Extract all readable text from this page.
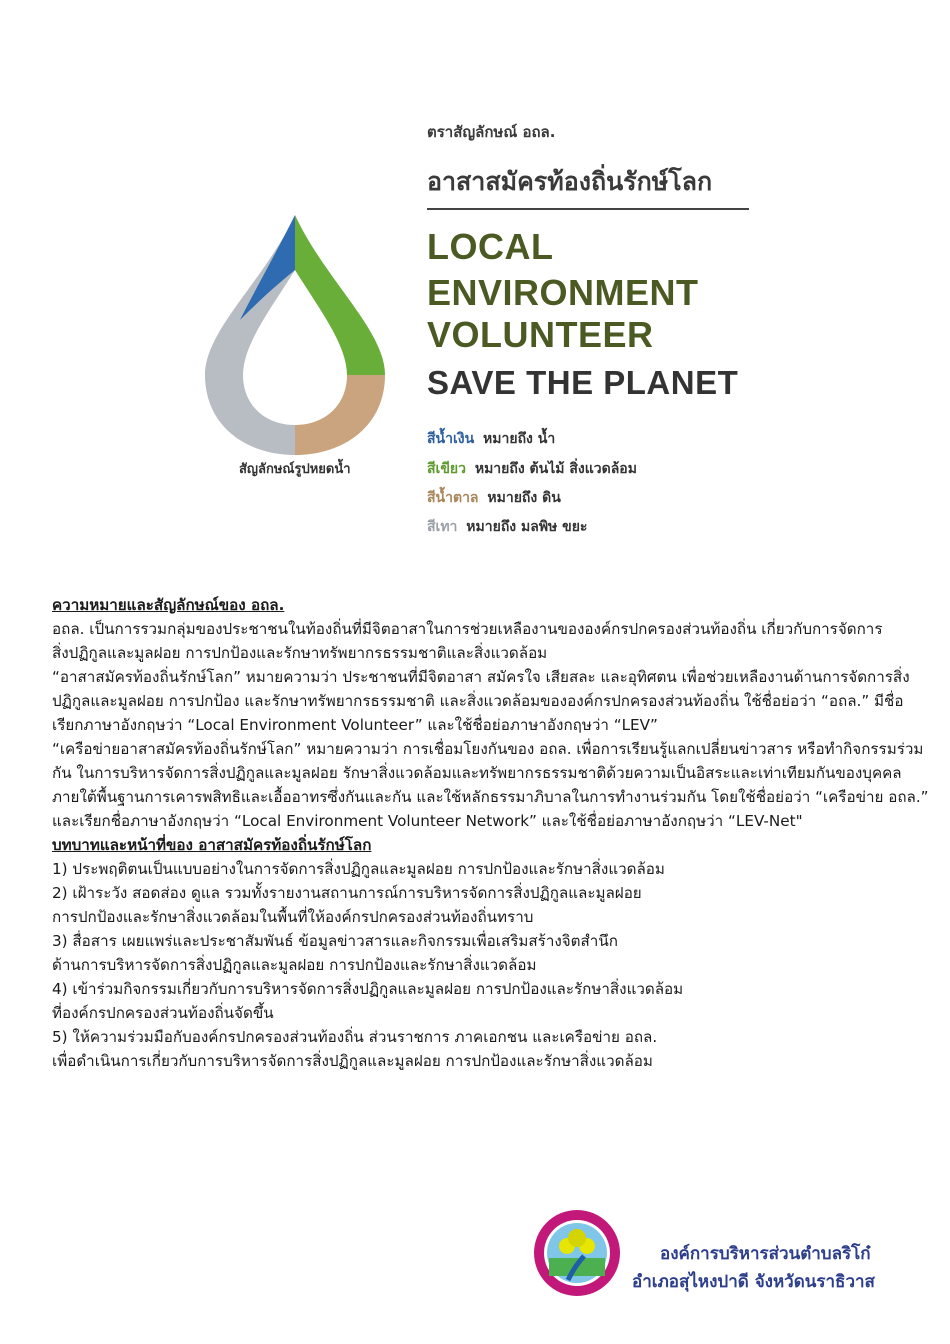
ตราสัญลักษณ์ อถล.
อาสาสมัครท้องถิ่นรักษ์โลก
LOCAL
ENVIRONMENT
VOLUNTEER
SAVE THE PLANET
สัญลักษณ์รูปหยดน้ำ
สีน้ำเงิน หมายถึง น้ำ
สีเขียว หมายถึง ต้นไม้ สิ่งแวดล้อม
สีน้ำตาล หมายถึง ดิน
สีเทา หมายถึง มลพิษ ขยะ
ความหมายและสัญลักษณ์ของ อถล.
อถล. เป็นการรวมกลุ่มของประชาชนในท้องถิ่นที่มีจิตอาสาในการช่วยเหลืองานขององค์กรปกครองส่วนท้องถิ่น เกี่ยวกับการจัดการ
สิ่งปฏิกูลและมูลฝอย การปกป้องและรักษาทรัพยากรธรรมชาติและสิ่งแวดล้อม
“อาสาสมัครท้องถิ่นรักษ์โลก” หมายความว่า ประชาชนที่มีจิตอาสา สมัครใจ เสียสละ และอุทิศตน เพื่อช่วยเหลืองานด้านการจัดการสิ่ง
ปฏิกูลและมูลฝอย การปกป้อง และรักษาทรัพยากรธรรมชาติ และสิ่งแวดล้อมขององค์กรปกครองส่วนท้องถิ่น ใช้ชื่อย่อว่า “อถล.” มีชื่อ
เรียกภาษาอังกฤษว่า “Local Environment Volunteer” และใช้ชื่อย่อภาษาอังกฤษว่า “LEV”
“เครือข่ายอาสาสมัครท้องถิ่นรักษ์โลก” หมายความว่า การเชื่อมโยงกันของ อถล. เพื่อการเรียนรู้แลกเปลี่ยนข่าวสาร หรือทำกิจกรรมร่วม
กัน ในการบริหารจัดการสิ่งปฏิกูลและมูลฝอย รักษาสิ่งแวดล้อมและทรัพยากรธรรมชาติด้วยความเป็นอิสระและเท่าเทียมกันของบุคคล
ภายใต้พื้นฐานการเคารพสิทธิและเอื้ออาทรซึ่งกันและกัน และใช้หลักธรรมาภิบาลในการทำงานร่วมกัน โดยใช้ชื่อย่อว่า “เครือข่าย อถล.”
และเรียกชื่อภาษาอังกฤษว่า “Local Environment Volunteer Network” และใช้ชื่อย่อภาษาอังกฤษว่า “LEV-Net"
บทบาทและหน้าที่ของ อาสาสมัครท้องถิ่นรักษ์โลก
1) ประพฤติตนเป็นแบบอย่างในการจัดการสิ่งปฏิกูลและมูลฝอย การปกป้องและรักษาสิ่งแวดล้อม
2) เฝ้าระวัง สอดส่อง ดูแล รวมทั้งรายงานสถานการณ์การบริหารจัดการสิ่งปฏิกูลและมูลฝอย
การปกป้องและรักษาสิ่งแวดล้อมในพื้นที่ให้องค์กรปกครองส่วนท้องถิ่นทราบ
3) สื่อสาร เผยแพร่และประชาสัมพันธ์ ข้อมูลข่าวสารและกิจกรรมเพื่อเสริมสร้างจิตสำนึก
ด้านการบริหารจัดการสิ่งปฏิกูลและมูลฝอย การปกป้องและรักษาสิ่งแวดล้อม
4) เข้าร่วมกิจกรรมเกี่ยวกับการบริหารจัดการสิ่งปฏิกูลและมูลฝอย การปกป้องและรักษาสิ่งแวดล้อม
ที่องค์กรปกครองส่วนท้องถิ่นจัดขึ้น
5) ให้ความร่วมมือกับองค์กรปกครองส่วนท้องถิ่น ส่วนราชการ ภาคเอกชน และเครือข่าย อถล.
เพื่อดำเนินการเกี่ยวกับการบริหารจัดการสิ่งปฏิกูลและมูลฝอย การปกป้องและรักษาสิ่งแวดล้อม
องค์การบริหารส่วนตำบลริโก๋
อำเภอสุไหงปาดี จังหวัดนราธิวาส
